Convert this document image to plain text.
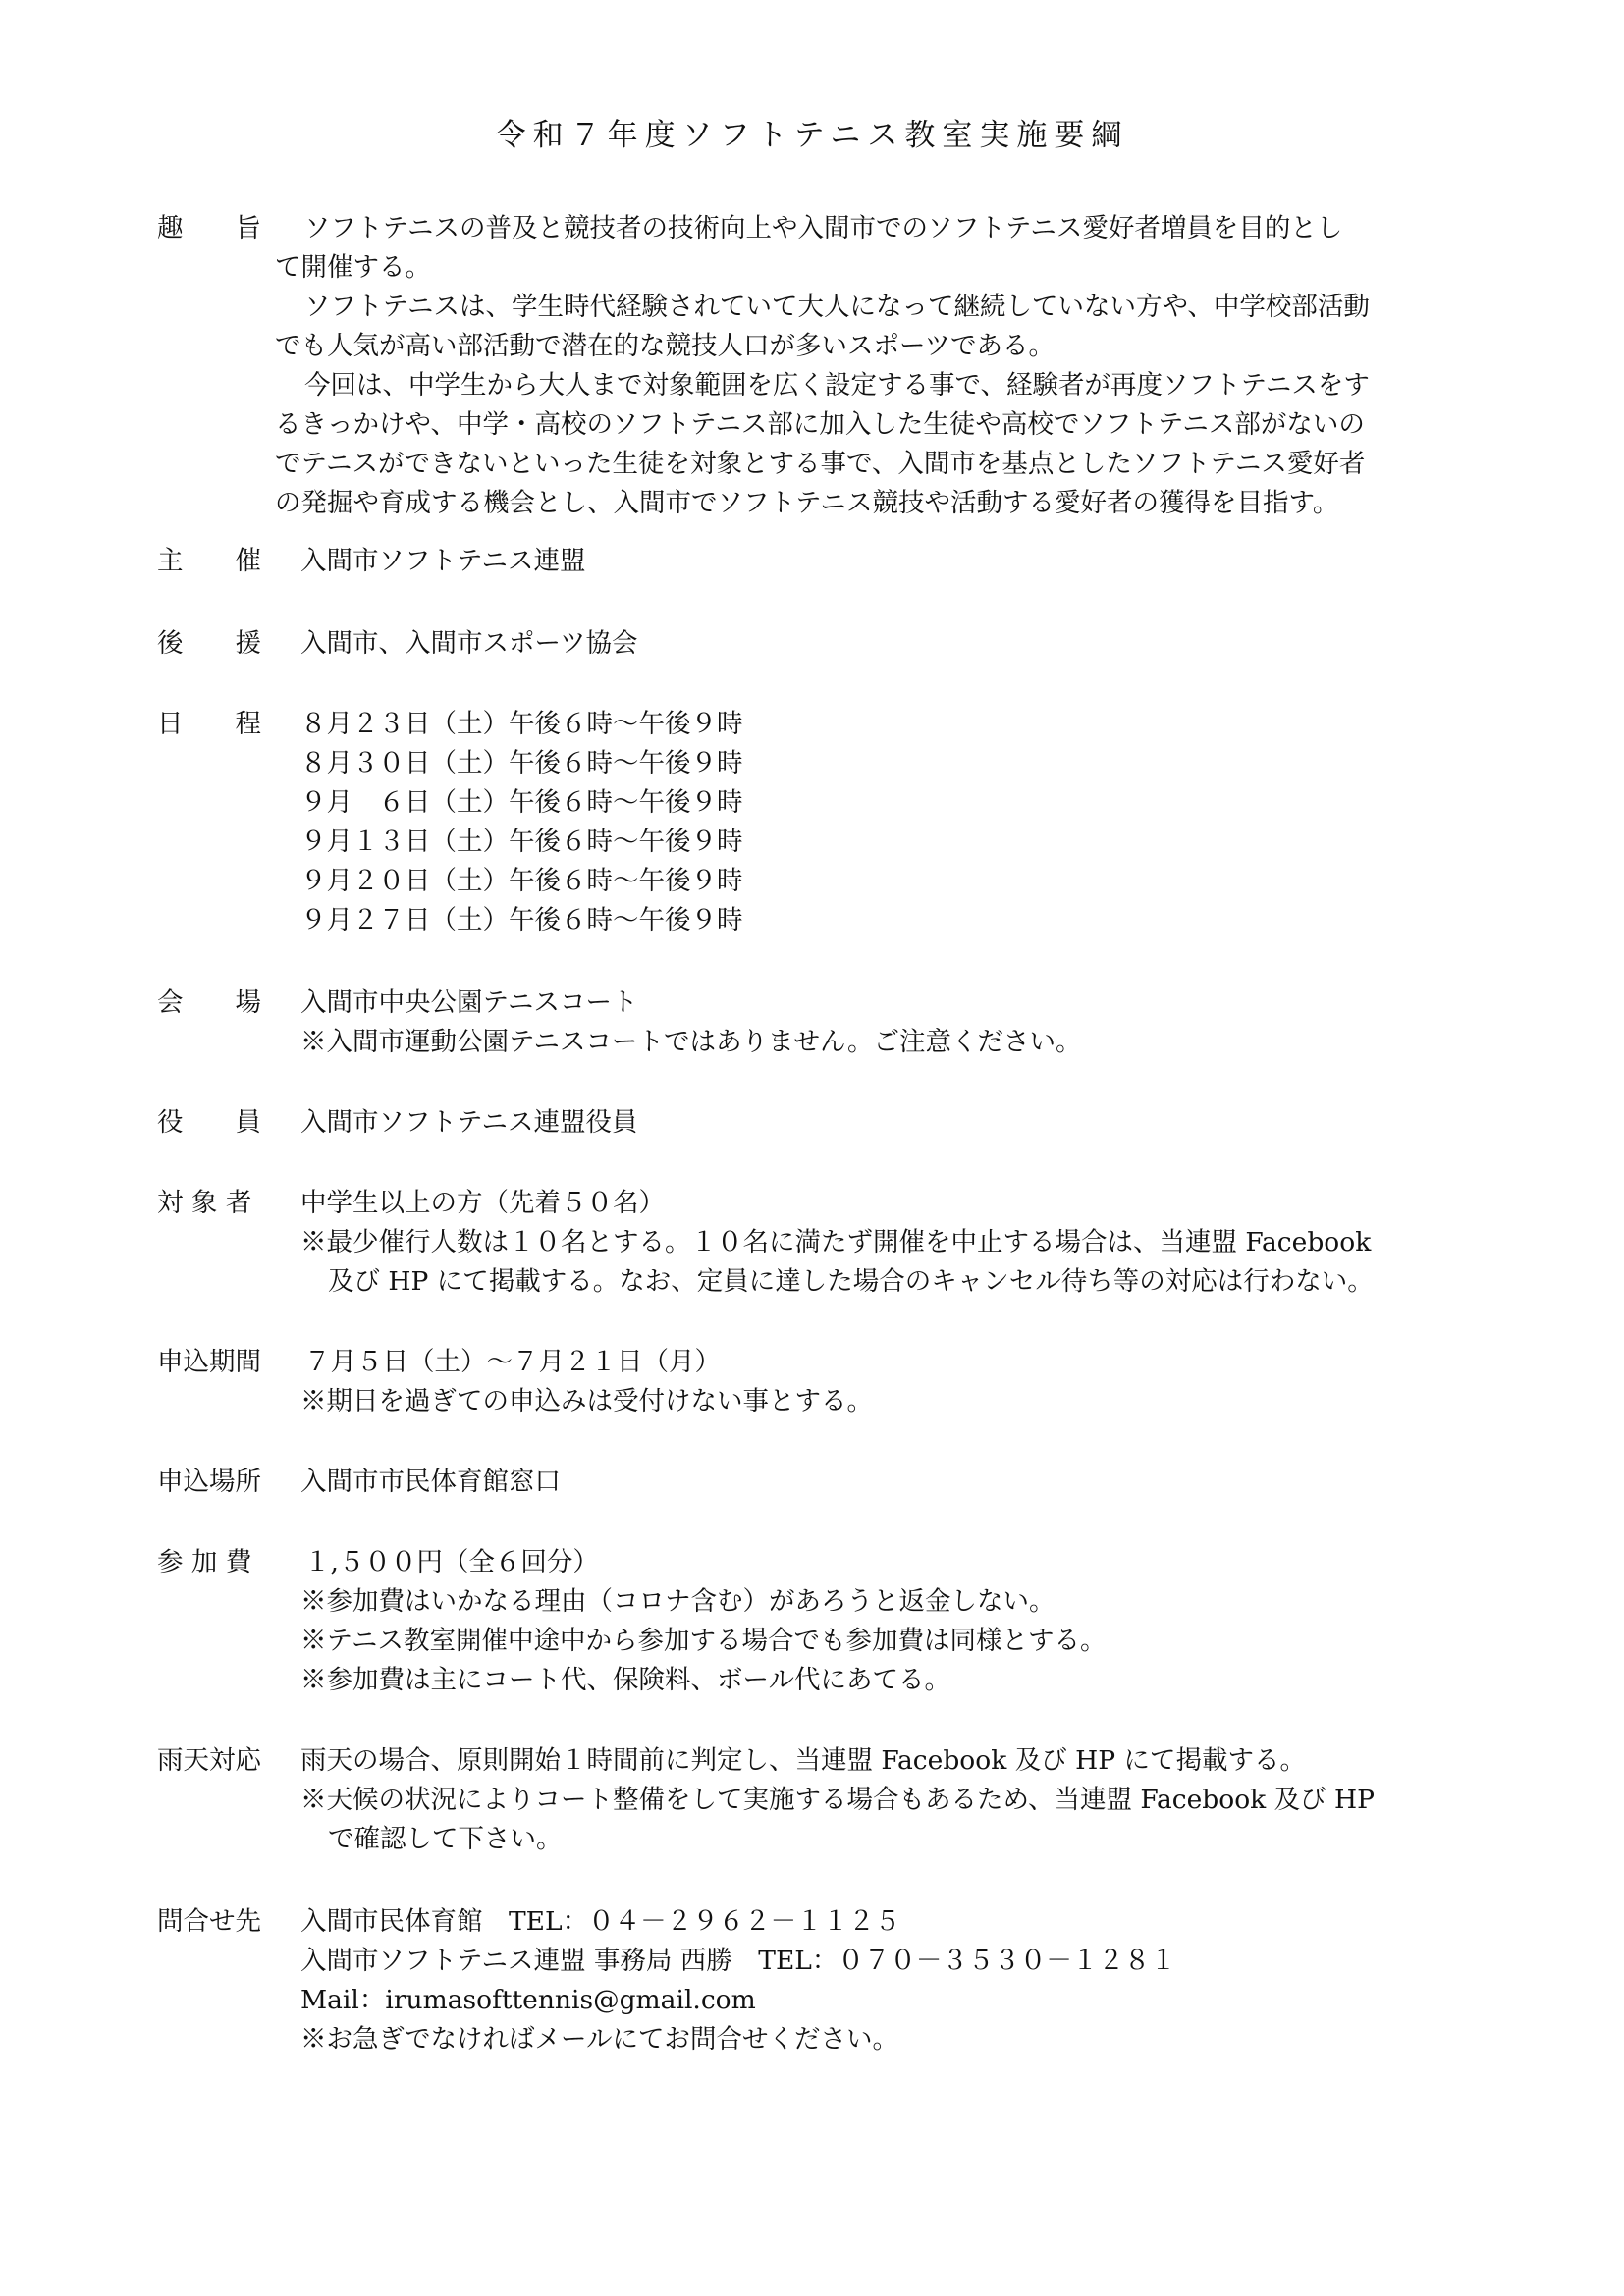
令和７年度ソフトテニス教室実施要綱
趣　　旨	ソフトテニスの普及と競技者の技術向上や入間市でのソフトテニス愛好者増員を目的とし
て開催する。
ソフトテニスは、学生時代経験されていて大人になって継続していない方や、中学校部活動
でも人気が高い部活動で潜在的な競技人口が多いスポーツである。
今回は、中学生から大人まで対象範囲を広く設定する事で、経験者が再度ソフトテニスをす
るきっかけや、中学・高校のソフトテニス部に加入した生徒や高校でソフトテニス部がないの
でテニスができないといった生徒を対象とする事で、入間市を基点としたソフトテニス愛好者
の発掘や育成する機会とし、入間市でソフトテニス競技や活動する愛好者の獲得を目指す。
主　　催	入間市ソフトテニス連盟
後　　援	入間市、入間市スポーツ協会
日　　程	８月２３日（土）午後６時～午後９時
８月３０日（土）午後６時～午後９時
９月　６日（土）午後６時～午後９時
９月１３日（土）午後６時～午後９時
９月２０日（土）午後６時～午後９時
９月２７日（土）午後６時～午後９時
会　　場	入間市中央公園テニスコート
※入間市運動公園テニスコートではありません。ご注意ください。
役　　員	入間市ソフトテニス連盟役員
対 象 者	中学生以上の方（先着５０名）
※最少催行人数は１０名とする。１０名に満たず開催を中止する場合は、当連盟 Facebook
及び HP にて掲載する。なお、定員に達した場合のキャンセル待ち等の対応は行わない。
申込期間	７月５日（土）～７月２１日（月）
※期日を過ぎての申込みは受付けない事とする。
申込場所	入間市市民体育館窓口
参 加 費	１,５００円（全６回分）
※参加費はいかなる理由（コロナ含む）があろうと返金しない。
※テニス教室開催中途中から参加する場合でも参加費は同様とする。
※参加費は主にコート代、保険料、ボール代にあてる。
雨天対応	雨天の場合、原則開始１時間前に判定し、当連盟 Facebook 及び HP にて掲載する。
※天候の状況によりコート整備をして実施する場合もあるため、当連盟 Facebook 及び HP
で確認して下さい。
問合せ先	入間市民体育館　TEL：０４－２９６２－１１２５
入間市ソフトテニス連盟 事務局 西勝　TEL：０７０－３５３０－１２８１
Mail：irumasofttennis@gmail.com
※お急ぎでなければメールにてお問合せください。
